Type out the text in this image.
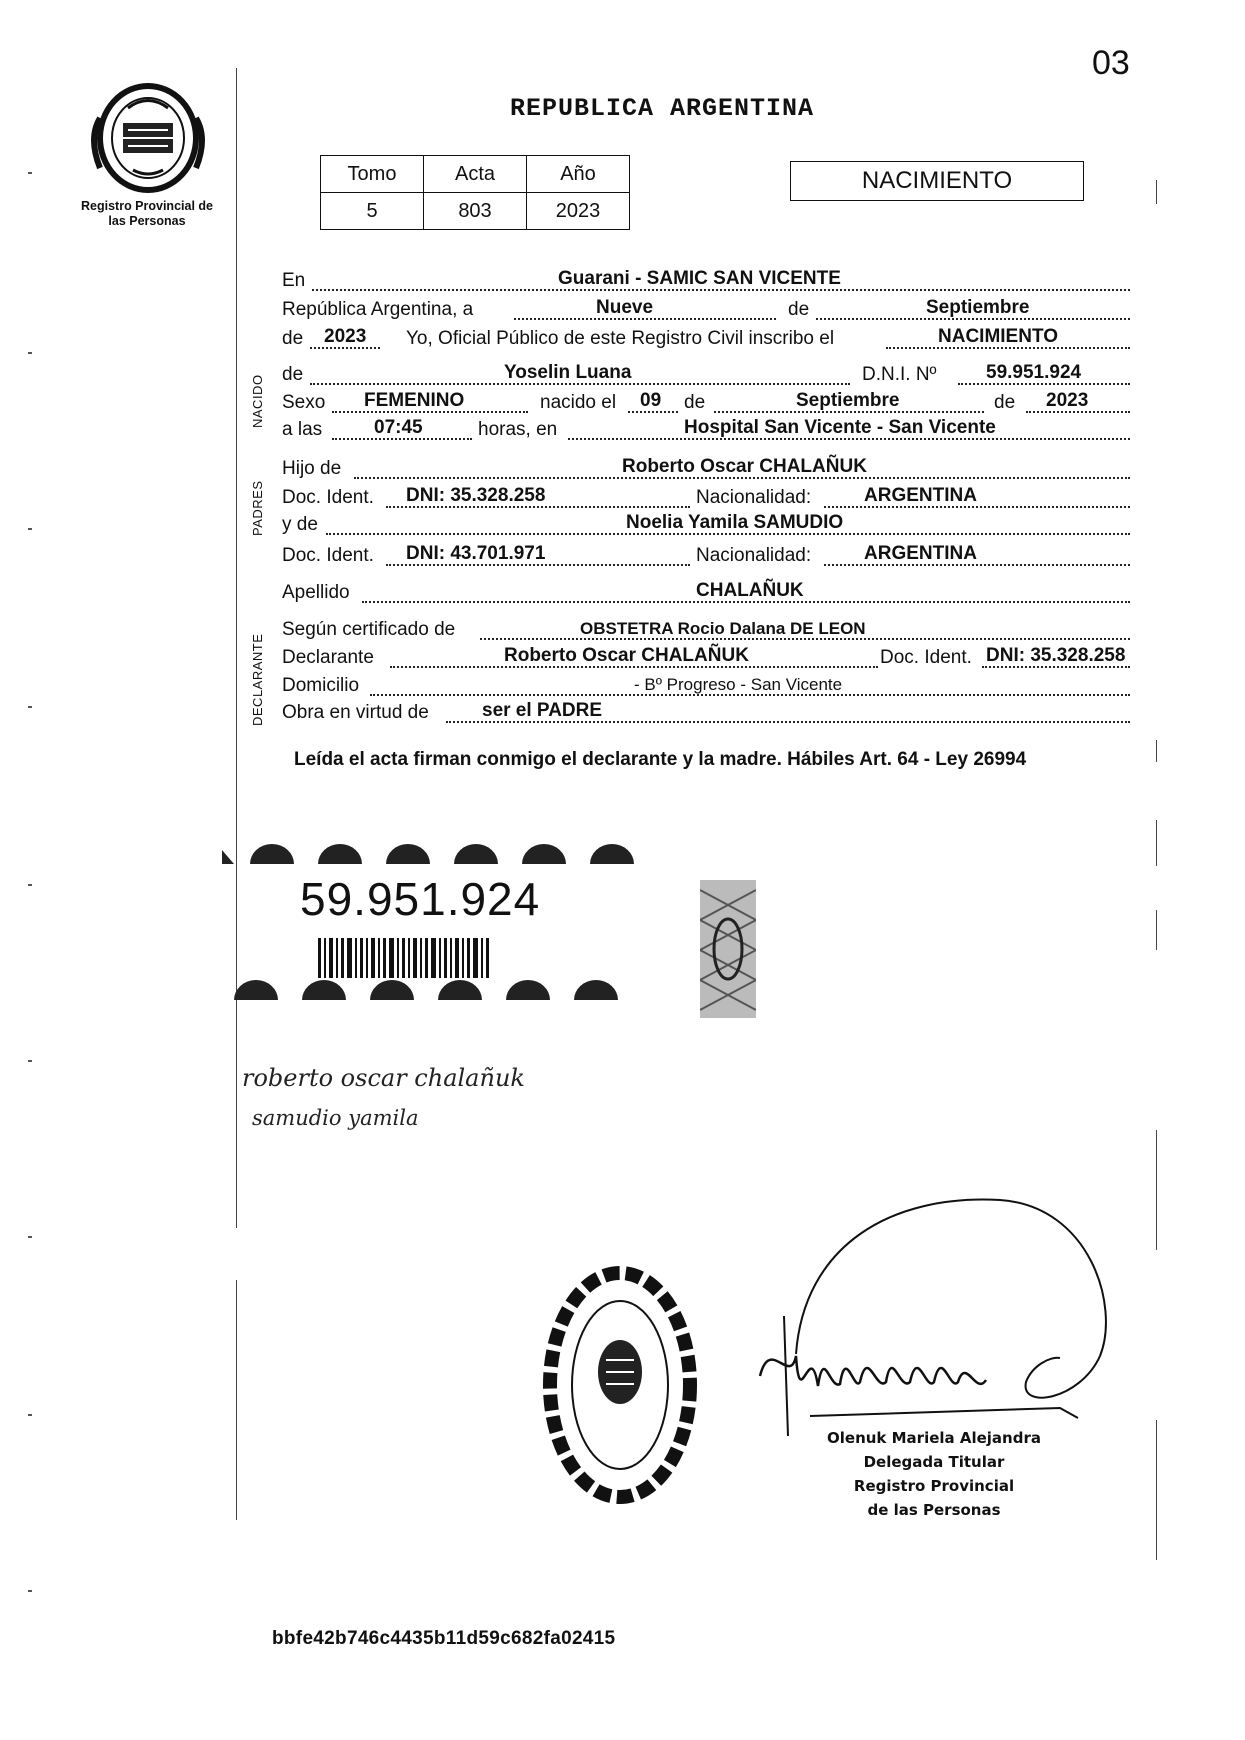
03
Registro Provincial de las Personas
REPUBLICA ARGENTINA
Tomo	Acta	Año
5	803	2023
NACIMIENTO
NACIDO
PADRES
DECLARANTE
En	Guarani - SAMIC SAN VICENTE
República Argentina, a	Nueve	de	Septiembre
de 2023 Yo, Oficial Público de este Registro Civil inscribo el	NACIMIENTO
de	Yoselin Luana	D.N.I. Nº	59.951.924
Sexo FEMENINO	nacido el 09 de	Septiembre	de 2023
a las	07:45	horas, en	Hospital San Vicente - San Vicente
Hijo de	Roberto Oscar CHALAÑUK
Doc. Ident. DNI: 35.328.258	Nacionalidad:	ARGENTINA
y de	Noelia Yamila SAMUDIO
Doc. Ident. DNI: 43.701.971	Nacionalidad:	ARGENTINA
Apellido	CHALAÑUK
Según certificado de	OBSTETRA Rocio Dalana DE LEON
Declarante	Roberto Oscar CHALAÑUK	Doc. Ident. DNI: 35.328.258
Domicilio	- Bº Progreso - San Vicente
Obra en virtud de	ser el PADRE
Leída el acta firman conmigo el declarante y la madre. Hábiles Art. 64 - Ley 26994
59.951.924
roberto oscar chalañuk
samudio yamila
Olenuk Mariela Alejandra
Delegada Titular
Registro Provincial
de las Personas
bbfe42b746c4435b11d59c682fa02415
